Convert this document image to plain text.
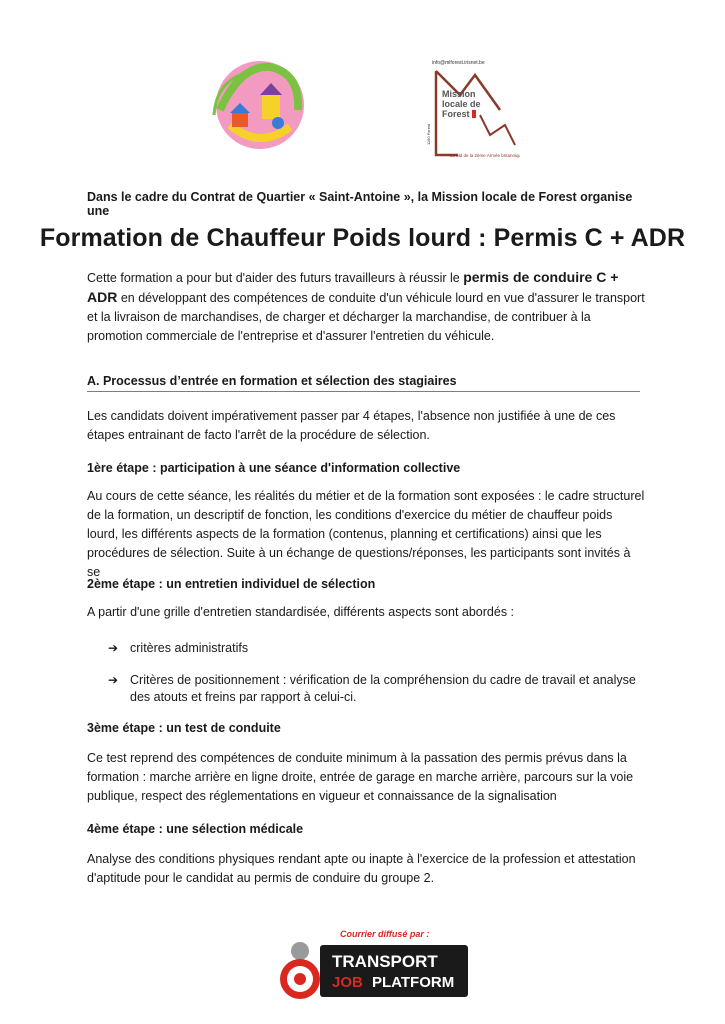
info@mlforest.irisnet.be
Mission
locale de
Forest
29 bld de la 2ème Armée britannique
1190 Forest
Dans le cadre du Contrat de Quartier « Saint-Antoine », la Mission locale de Forest organise une
Formation de Chauffeur Poids lourd : Permis C + ADR
Cette formation a pour but d'aider des futurs travailleurs à réussir le permis de conduire C + ADR en développant des compétences de conduite d'un véhicule lourd en vue d'assurer le transport et la livraison de marchandises, de charger et décharger la marchandise, de contribuer à la promotion commerciale de l'entreprise et d'assurer l'entretien du véhicule.
A. Processus d’entrée en formation et sélection des stagiaires
Les candidats doivent impérativement passer par 4 étapes, l'absence non justifiée à une de ces étapes entrainant de facto l'arrêt de la procédure de sélection.
1ère étape : participation à une séance d'information collective
Au cours de cette séance, les réalités du métier et de la formation sont exposées : le cadre structurel de la formation, un descriptif de fonction, les conditions d'exercice du métier de chauffeur poids lourd, les différents aspects de la formation (contenus, planning et certifications) ainsi que les procédures de sélection. Suite à un échange de questions/réponses, les participants sont invités à se
2ème étape : un entretien individuel de sélection
A partir d'une grille d'entretien standardisée, différents aspects sont abordés :
➔ critères administratifs
➔ Critères de positionnement : vérification de la compréhension du cadre de travail et analyse
des atouts et freins par rapport à celui-ci.
3ème étape : un test de conduite
Ce test reprend des compétences de conduite minimum à la passation des permis prévus dans la formation : marche arrière en ligne droite, entrée de garage en marche arrière, parcours sur la voie publique, respect des réglementations en vigueur et connaissance de la signalisation
4ème étape : une sélection médicale
Analyse des conditions physiques rendant apte ou inapte à l'exercice de la profession et attestation d'aptitude pour le candidat au permis de conduire du groupe 2.
Courrier diffusé par :
TRANSPORT
JOB PLATFORM
